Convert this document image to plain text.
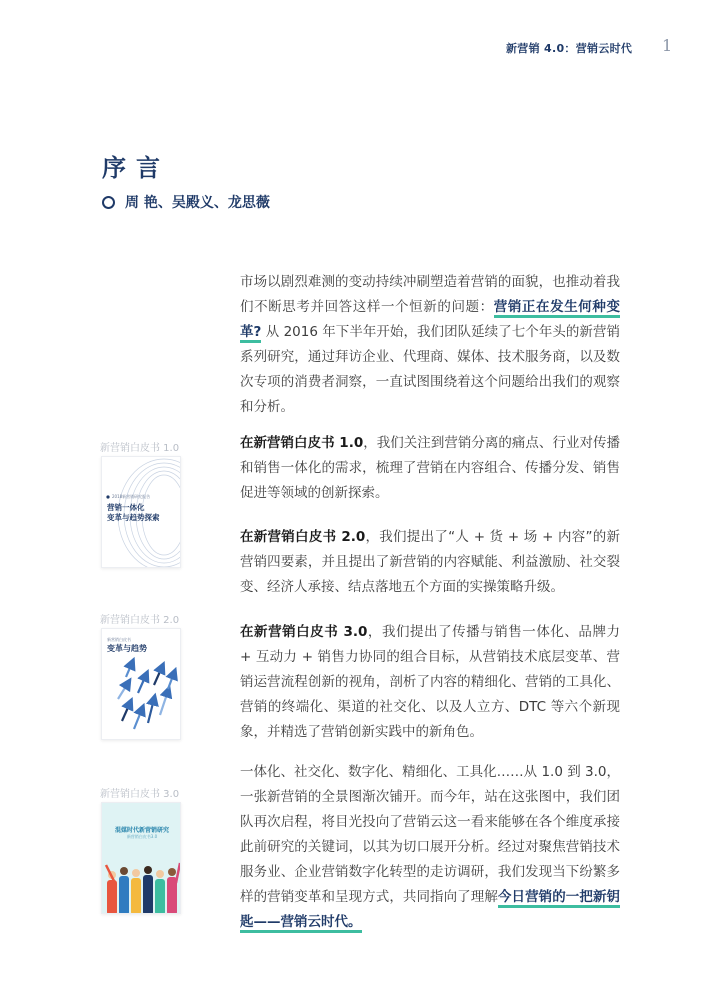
新营销 4.0：营销云时代 1
序言
周 艳、吴殿义、龙思薇
市场以剧烈难测的变动持续冲刷塑造着营销的面貌，也推动着我们不断思考并回答这样一个恒新的问题：营销正在发生何种变革? 从 2016 年下半年开始，我们团队延续了七个年头的新营销系列研究，通过拜访企业、代理商、媒体、技术服务商，以及数次专项的消费者洞察，一直试图围绕着这个问题给出我们的观察和分析。
在新营销白皮书 1.0，我们关注到营销分离的痛点、行业对传播和销售一体化的需求，梳理了营销在内容组合、传播分发、销售促进等领域的创新探索。
在新营销白皮书 2.0，我们提出了“人 + 货 + 场 + 内容”的新营销四要素，并且提出了新营销的内容赋能、利益激励、社交裂变、经济人承接、结点落地五个方面的实操策略升级。
在新营销白皮书 3.0，我们提出了传播与销售一体化、品牌力 + 互动力 + 销售力协同的组合目标，从营销技术底层变革、营销运营流程创新的视角，剖析了内容的精细化、营销的工具化、营销的终端化、渠道的社交化、以及人立方、DTC 等六个新现象，并精选了营销创新实践中的新角色。
一体化、社交化、数字化、精细化、工具化……从 1.0 到 3.0，一张新营销的全景图渐次铺开。而今年，站在这张图中，我们团队再次启程，将目光投向了营销云这一看来能够在各个维度承接此前研究的关键词，以其为切口展开分析。经过对聚焦营销技术服务业、企业营销数字化转型的走访调研，我们发现当下纷繁多样的营销变革和呈现方式，共同指向了理解今日营销的一把新钥匙——营销云时代。
新营销白皮书 1.0
2018新营销研究报告
营销一体化
变革与趋势探索
新营销白皮书 2.0
新营销白皮书
变革与趋势
新营销白皮书 3.0
混媒时代新营销研究
新营销白皮书3.0
